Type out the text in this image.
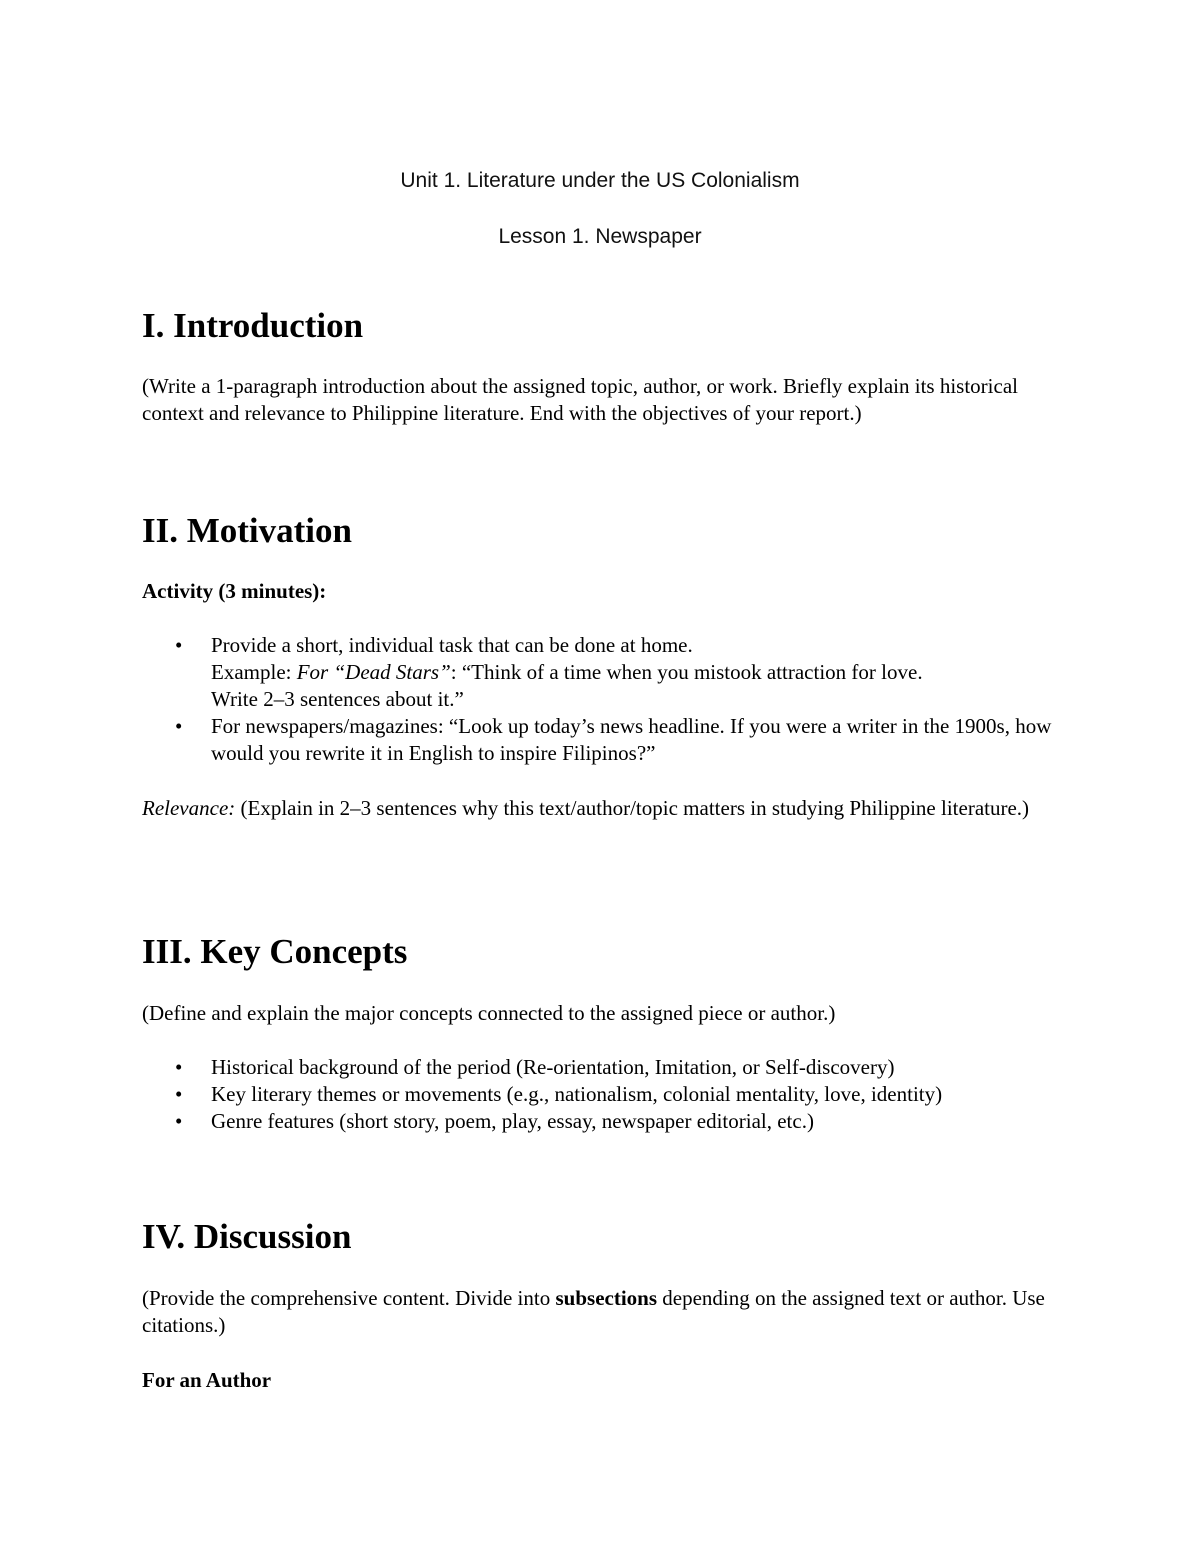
Unit 1. Literature under the US Colonialism
Lesson 1. Newspaper
I. Introduction

(Write a 1-paragraph introduction about the assigned topic, author, or work. Briefly explain its historical context and relevance to Philippine literature. End with the objectives of your report.)

II. Motivation

Activity (3 minutes):

• Provide a short, individual task that can be done at home.
Example: For “Dead Stars”: “Think of a time when you mistook attraction for love.
Write 2–3 sentences about it.”
• For newspapers/magazines: “Look up today’s news headline. If you were a writer in the 1900s, how would you rewrite it in English to inspire Filipinos?”

Relevance: (Explain in 2–3 sentences why this text/author/topic matters in studying Philippine literature.)

III. Key Concepts

(Define and explain the major concepts connected to the assigned piece or author.)

• Historical background of the period (Re-orientation, Imitation, or Self-discovery)
• Key literary themes or movements (e.g., nationalism, colonial mentality, love, identity)
• Genre features (short story, poem, play, essay, newspaper editorial, etc.)
IV. Discussion

(Provide the comprehensive content. Divide into subsections depending on the assigned text or author. Use citations.)

For an Author
